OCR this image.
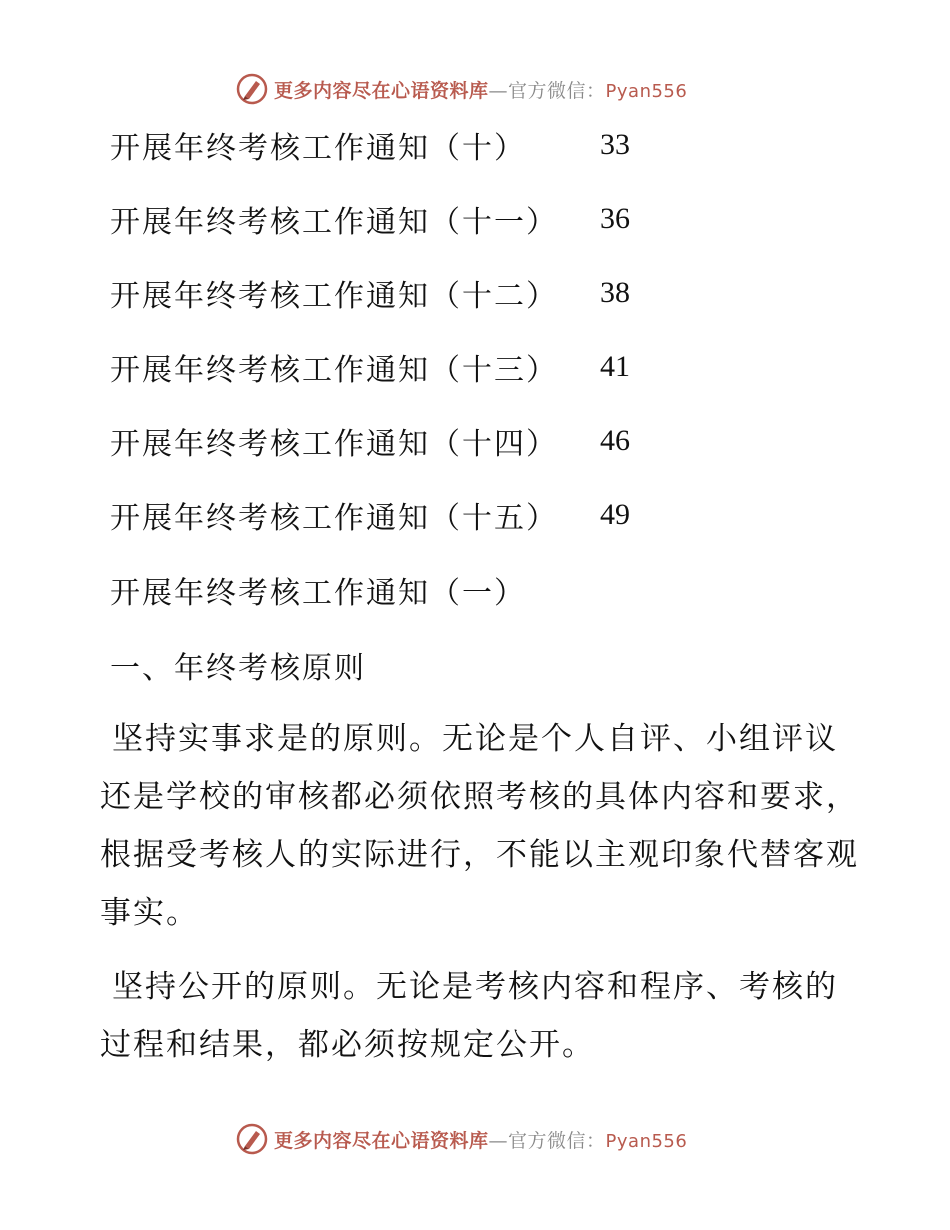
更多内容尽在心语资料库—官方微信：Pyan556
开展年终考核工作通知（十）	33
开展年终考核工作通知（十一）	36
开展年终考核工作通知（十二）	38
开展年终考核工作通知（十三）	41
开展年终考核工作通知（十四）	46
开展年终考核工作通知（十五）	49
开展年终考核工作通知（一）
一、年终考核原则
坚持实事求是的原则。无论是个人自评、小组评议还是学校的审核都必须依照考核的具体内容和要求，根据受考核人的实际进行，不能以主观印象代替客观事实。
坚持公开的原则。无论是考核内容和程序、考核的过程和结果，都必须按规定公开。
更多内容尽在心语资料库—官方微信：Pyan556
